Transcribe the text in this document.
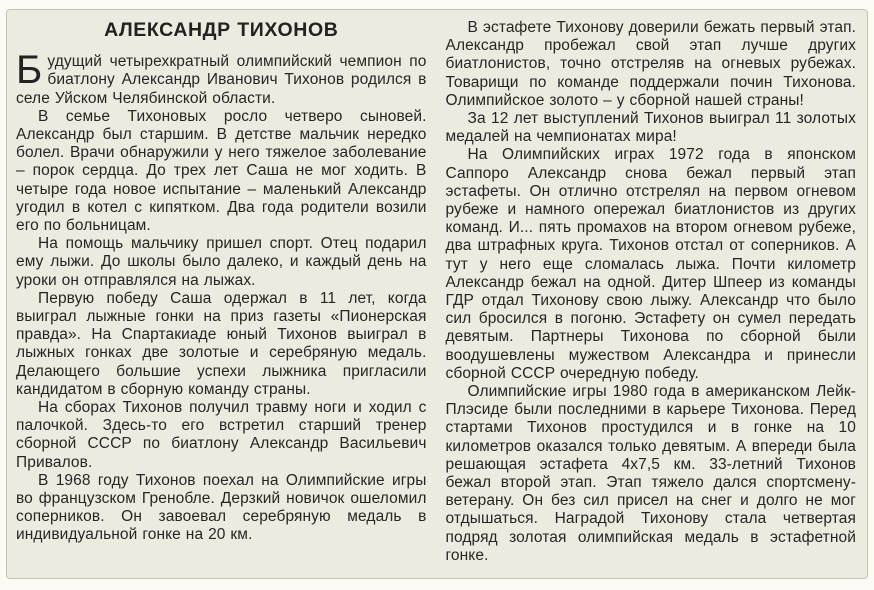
АЛЕКСАНДР ТИХОНОВ

Будущий четырехкратный олимпийский чемпион по биатлону Александр Иванович Тихонов родился в селе Уйском Челябинской области.

В семье Тихоновых росло четверо сыновей. Александр был старшим. В детстве мальчик нередко болел. Врачи обнаружили у него тяжелое заболевание – порок сердца. До трех лет Саша не мог ходить. В четыре года новое испытание – маленький Александр угодил в котел с кипятком. Два года родители возили его по больницам.

На помощь мальчику пришел спорт. Отец подарил ему лыжи. До школы было далеко, и каждый день на уроки он отправлялся на лыжах.

Первую победу Саша одержал в 11 лет, когда выиграл лыжные гонки на приз газеты «Пионерская правда». На Спартакиаде юный Тихонов выиграл в лыжных гонках две золотые и серебряную медаль. Делающего большие успехи лыжника пригласили кандидатом в сборную команду страны.

На сборах Тихонов получил травму ноги и ходил с палочкой. Здесь-то его встретил старший тренер сборной СССР по биатлону Александр Васильевич Привалов.

В 1968 году Тихонов поехал на Олимпийские игры во французском Гренобле. Дерзкий новичок ошеломил соперников. Он завоевал серебряную медаль в индивидуальной гонке на 20 км.

В эстафете Тихонову доверили бежать первый этап. Александр пробежал свой этап лучше других биатлонистов, точно отстреляв на огневых рубежах. Товарищи по команде поддержали почин Тихонова. Олимпийское золото – у сборной нашей страны!

За 12 лет выступлений Тихонов выиграл 11 золотых медалей на чемпионатах мира!

На Олимпийских играх 1972 года в японском Саппоро Александр снова бежал первый этап эстафеты. Он отлично отстрелял на первом огневом рубеже и намного опережал биатлонистов из других команд. И... пять промахов на втором огневом рубеже, два штрафных круга. Тихонов отстал от соперников. А тут у него еще сломалась лыжа. Почти километр Александр бежал на одной. Дитер Шпеер из команды ГДР отдал Тихонову свою лыжу. Александр что было сил бросился в погоню. Эстафету он сумел передать девятым. Партнеры Тихонова по сборной были воодушевлены мужеством Александра и принесли сборной СССР очередную победу.

Олимпийские игры 1980 года в американском Лейк-Плэсиде были последними в карьере Тихонова. Перед стартами Тихонов простудился и в гонке на 10 километров оказался только девятым. А впереди была решающая эстафета 4х7,5 км. 33-летний Тихонов бежал второй этап. Этап тяжело дался спортсмену-ветерану. Он без сил присел на снег и долго не мог отдышаться. Наградой Тихонову стала четвертая подряд золотая олимпийская медаль в эстафетной гонке.
